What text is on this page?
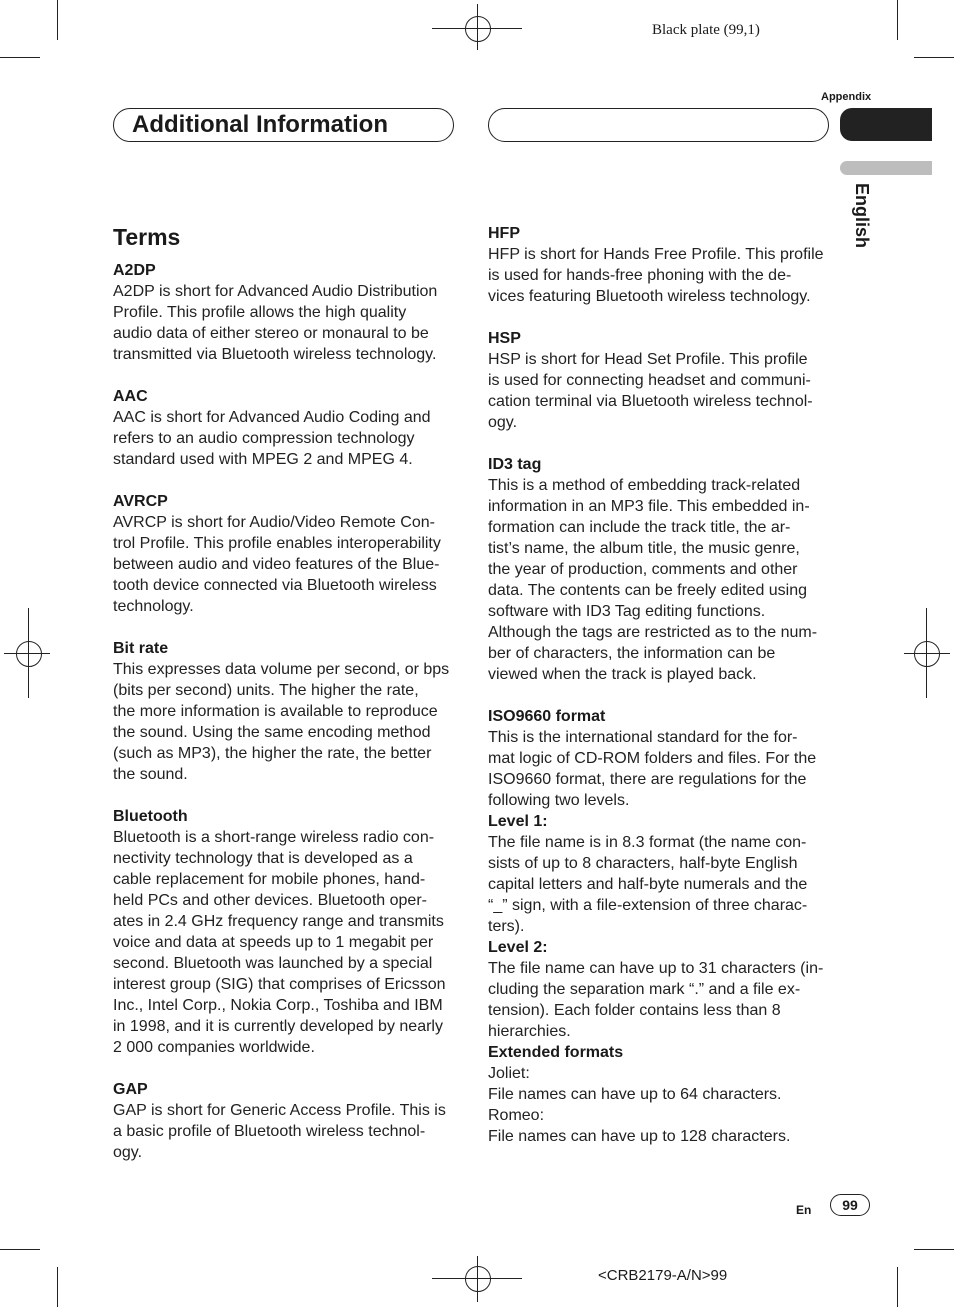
Black plate (99,1)
Appendix
Additional Information
English
Terms
A2DP
A2DP is short for Advanced Audio Distribution
Profile. This profile allows the high quality
audio data of either stereo or monaural to be
transmitted via Bluetooth wireless technology.
AAC
AAC is short for Advanced Audio Coding and
refers to an audio compression technology
standard used with MPEG 2 and MPEG 4.
AVRCP
AVRCP is short for Audio/Video Remote Con-
trol Profile. This profile enables interoperability
between audio and video features of the Blue-
tooth device connected via Bluetooth wireless
technology.
Bit rate
This expresses data volume per second, or bps
(bits per second) units. The higher the rate,
the more information is available to reproduce
the sound. Using the same encoding method
(such as MP3), the higher the rate, the better
the sound.
Bluetooth
Bluetooth is a short-range wireless radio con-
nectivity technology that is developed as a
cable replacement for mobile phones, hand-
held PCs and other devices. Bluetooth oper-
ates in 2.4 GHz frequency range and transmits
voice and data at speeds up to 1 megabit per
second. Bluetooth was launched by a special
interest group (SIG) that comprises of Ericsson
Inc., Intel Corp., Nokia Corp., Toshiba and IBM
in 1998, and it is currently developed by nearly
2 000 companies worldwide.
GAP
GAP is short for Generic Access Profile. This is
a basic profile of Bluetooth wireless technol-
ogy.
HFP
HFP is short for Hands Free Profile. This profile
is used for hands-free phoning with the de-
vices featuring Bluetooth wireless technology.
HSP
HSP is short for Head Set Profile. This profile
is used for connecting headset and communi-
cation terminal via Bluetooth wireless technol-
ogy.
ID3 tag
This is a method of embedding track-related
information in an MP3 file. This embedded in-
formation can include the track title, the ar-
tist’s name, the album title, the music genre,
the year of production, comments and other
data. The contents can be freely edited using
software with ID3 Tag editing functions.
Although the tags are restricted as to the num-
ber of characters, the information can be
viewed when the track is played back.
ISO9660 format
This is the international standard for the for-
mat logic of CD-ROM folders and files. For the
ISO9660 format, there are regulations for the
following two levels.
Level 1:
The file name is in 8.3 format (the name con-
sists of up to 8 characters, half-byte English
capital letters and half-byte numerals and the
“_” sign, with a file-extension of three charac-
ters).
Level 2:
The file name can have up to 31 characters (in-
cluding the separation mark “.” and a file ex-
tension). Each folder contains less than 8
hierarchies.
Extended formats
Joliet:
File names can have up to 64 characters.
Romeo:
File names can have up to 128 characters.
En	99
<CRB2179-A/N>99
